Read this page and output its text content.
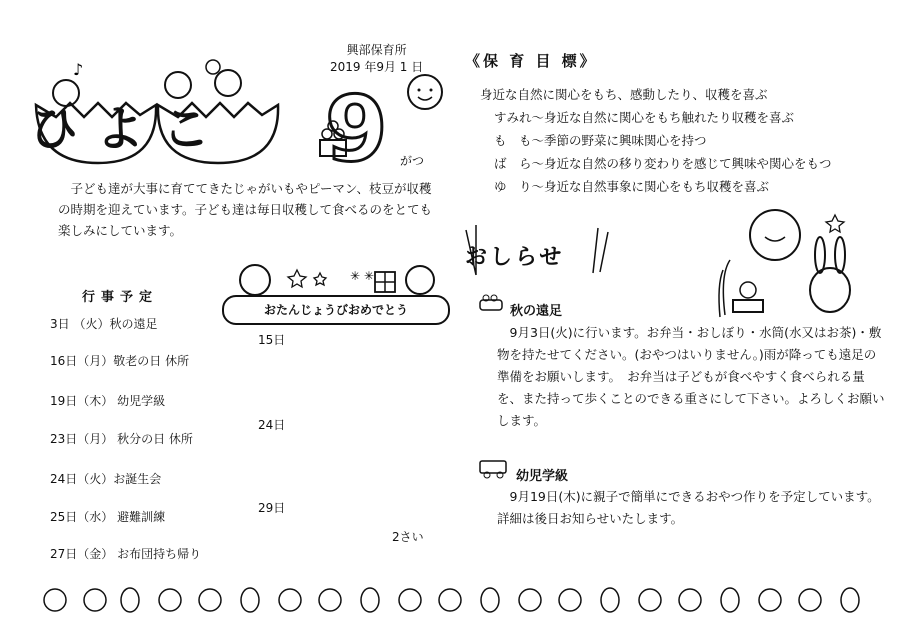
♪
ひよこ	9 がつ
興部保育所
2019 年9月 1 日	《保 育 目 標》
身近な自然に関心をもち、感動したり、収穫を喜ぶ
すみれ～身近な自然に関心をもち触れたり収穫を喜ぶ
も　も～季節の野菜に興味関心を持つ
ば　ら～身近な自然の移り変わりを感じて興味や関心をもつ
ゆ　り～身近な自然事象に関心をもち収穫を喜ぶ
子ども達が大事に育ててきたじゃがいもやピーマン、枝豆が収穫の時期を迎えています。子ども達は毎日収穫して食べるのをとても楽しみにしています。
行事予定
3日 （火）秋の遠足
16日（月）敬老の日 休所
19日（木） 幼児学級
23日（月） 秋分の日 休所
24日（火）お誕生会
25日（水） 避難訓練
27日（金） お布団持ち帰り
✳ ✳
おたんじょうびおめでとう
15日
24日
29日
2さい
おしらせ
秋の遠足
9月3日(火)に行います。お弁当・おしぼり・水筒(水又はお茶)・敷物を持たせてください。(おやつはいりません。)雨が降っても遠足の準備をお願いします。　お弁当は子どもが食べやすく食べられる量を、また持って歩くことのできる重さにして下さい。よろしくお願いします。
幼児学級
9月19日(木)に親子で簡単にできるおやつ作りを予定しています。詳細は後日お知らせいたします。
